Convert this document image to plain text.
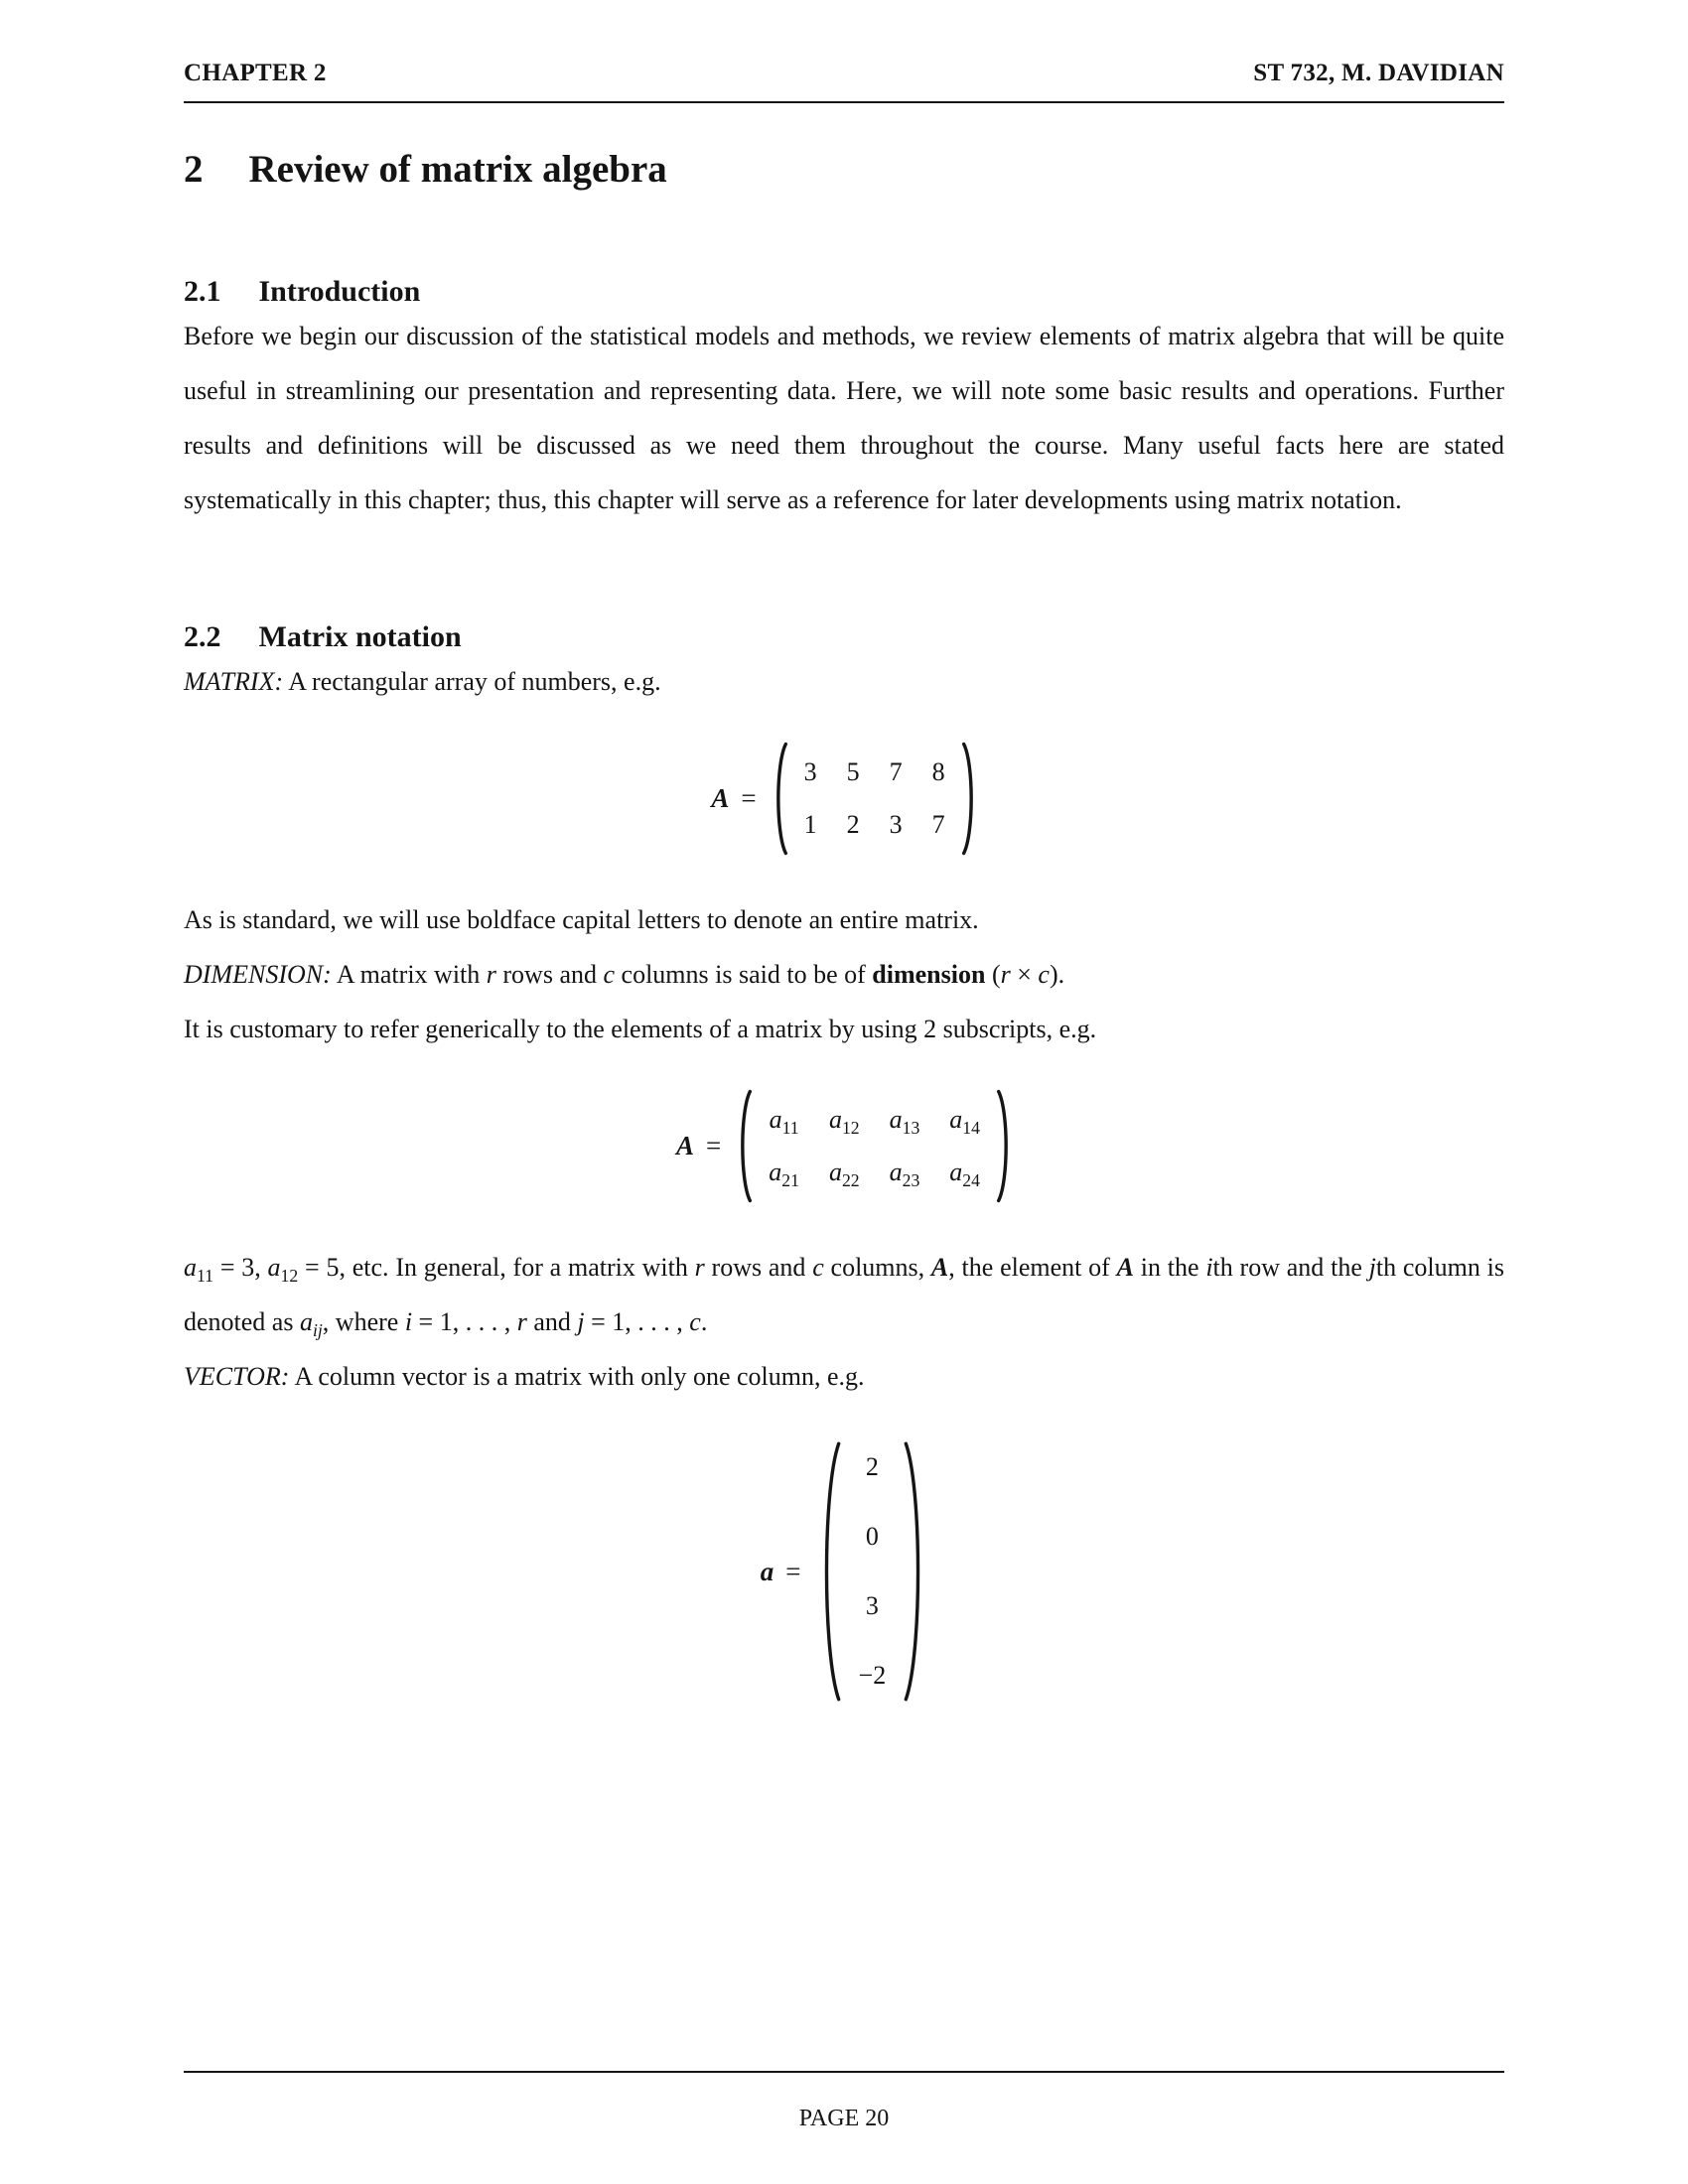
CHAPTER 2	ST 732, M. DAVIDIAN
2 Review of matrix algebra
2.1 Introduction

Before we begin our discussion of the statistical models and methods, we review elements of matrix algebra that will be quite useful in streamlining our presentation and representing data. Here, we will note some basic results and operations. Further results and definitions will be discussed as we need them throughout the course. Many useful facts here are stated systematically in this chapter; thus, this chapter will serve as a reference for later developments using matrix notation.

2.2 Matrix notation

MATRIX: A rectangular array of numbers, e.g.

A =
3 5 7 8
1 2 3 7

As is standard, we will use boldface capital letters to denote an entire matrix.

DIMENSION: A matrix with r rows and c columns is said to be of dimension (r × c).

It is customary to refer generically to the elements of a matrix by using 2 subscripts, e.g.

A =
$a_{11}$ $a_{12}$ $a_{13}$ $a_{14}$
$a_{21}$ $a_{22}$ $a_{23}$ $a_{24}$

$a_{11} = 3$, $a_{12} = 5$, etc. In general, for a matrix with r rows and c columns, A, the element of A in the ith row and the jth column is denoted as $a_{ij}$, where i = 1, . . . , r and j = 1, . . . , c.

VECTOR: A column vector is a matrix with only one column, e.g.

a =
2
0
3
−2
PAGE 20
